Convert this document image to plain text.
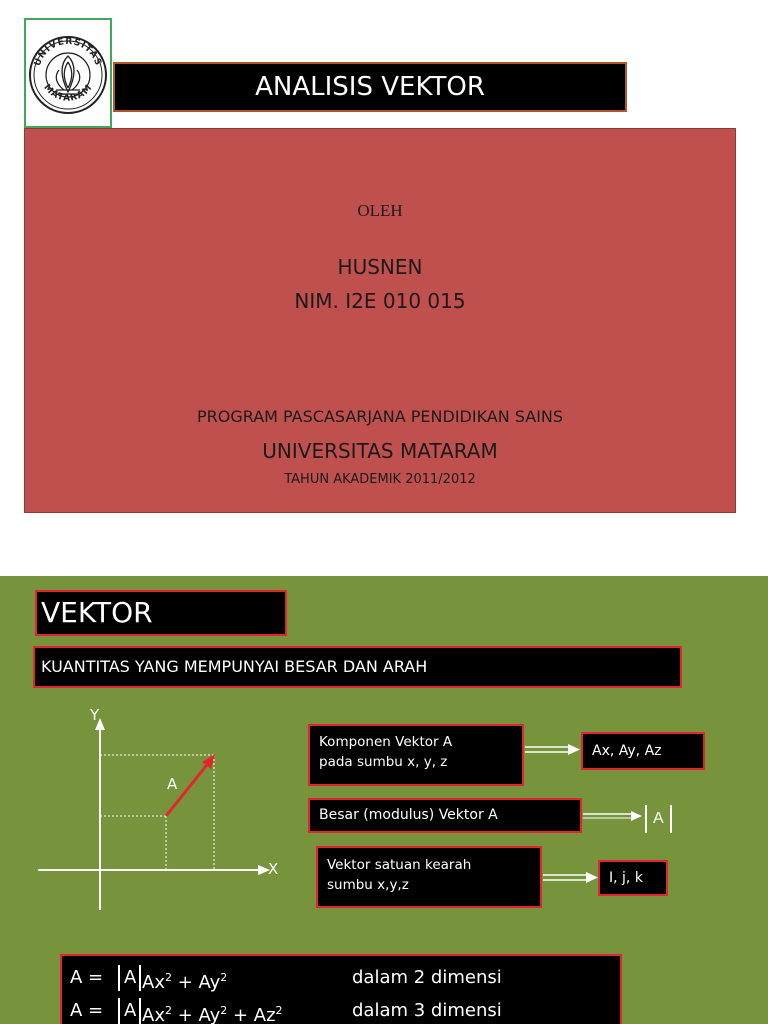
UNIVERSITAS
MATARAM	ANALISIS VEKTOR
OLEH
HUSNEN
NIM. I2E 010 015
PROGRAM PASCASARJANA PENDIDIKAN SAINS
UNIVERSITAS MATARAM
TAHUN AKADEMIK 2011/2012
VEKTOR
KUANTITAS YANG MEMPUNYAI BESAR DAN ARAH
Y
X
A
Komponen Vektor A
pada sumbu x, y, z
Ax, Ay, Az
Besar (modulus) Vektor A	A
Vektor satuan kearah
sumbu x,y,z	I, j, k
A =	A $Ax^2 + Ay^2$	dalam 2 dimensi
A =	A $Ax^2 + Ay^2 + Az^2$	dalam 3 dimensi
